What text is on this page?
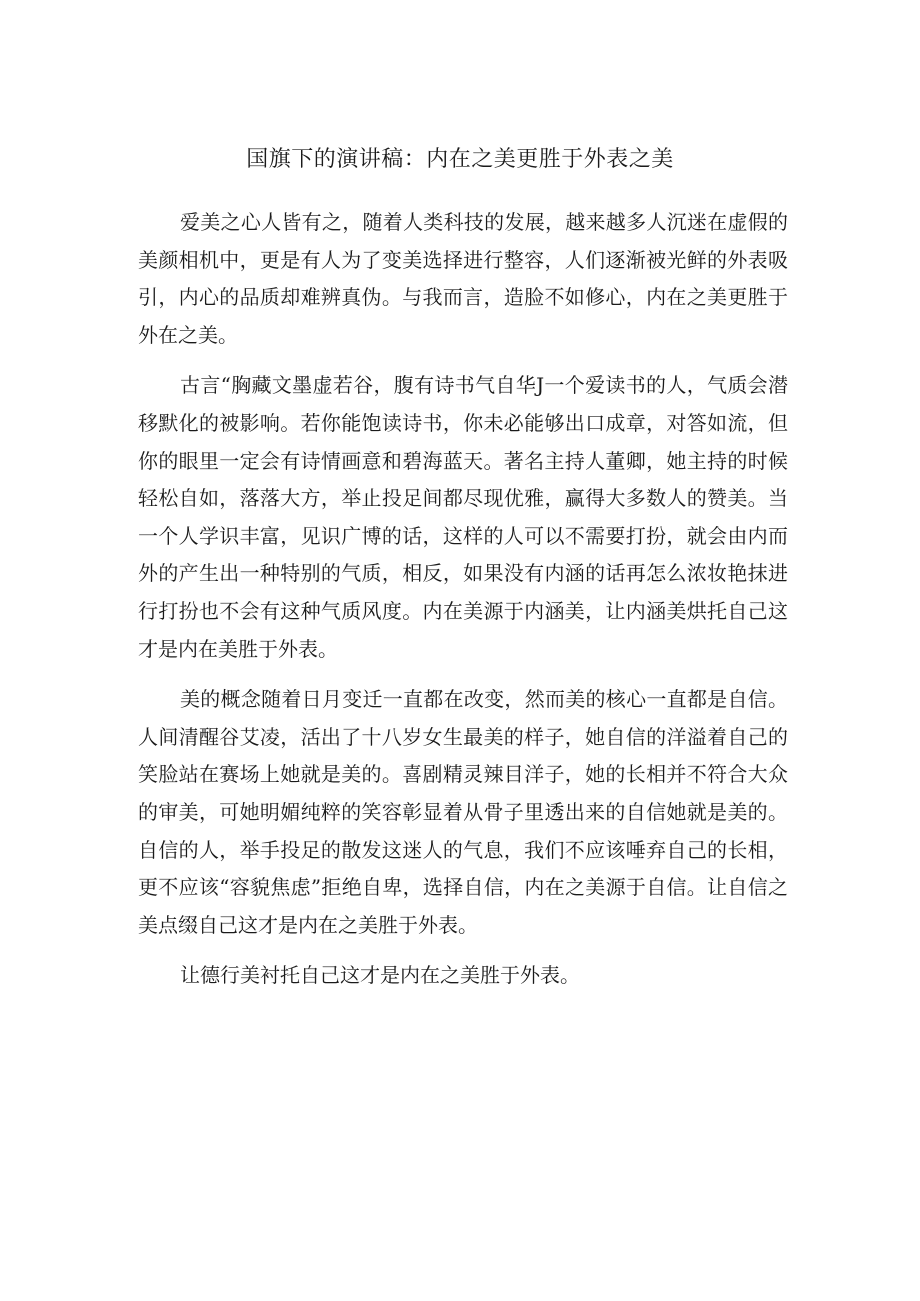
国旗下的演讲稿：内在之美更胜于外表之美

爱美之心人皆有之，随着人类科技的发展，越来越多人沉迷在虚假的美颜相机中，更是有人为了变美选择进行整容，人们逐渐被光鲜的外表吸引，内心的品质却难辨真伪。与我而言，造脸不如修心，内在之美更胜于外在之美。

古言“胸藏文墨虚若谷，腹有诗书气自华J一个爱读书的人，气质会潜移默化的被影响。若你能饱读诗书，你未必能够出口成章，对答如流，但你的眼里一定会有诗情画意和碧海蓝天。著名主持人董卿，她主持的时候轻松自如，落落大方，举止投足间都尽现优雅，赢得大多数人的赞美。当一个人学识丰富，见识广博的话，这样的人可以不需要打扮，就会由内而外的产生出一种特别的气质，相反，如果没有内涵的话再怎么浓妆艳抹进行打扮也不会有这种气质风度。内在美源于内涵美，让内涵美烘托自己这才是内在美胜于外表。

美的概念随着日月变迁一直都在改变，然而美的核心一直都是自信。人间清醒谷艾凌，活出了十八岁女生最美的样子，她自信的洋溢着自己的笑脸站在赛场上她就是美的。喜剧精灵辣目洋子，她的长相并不符合大众的审美，可她明媚纯粹的笑容彰显着从骨子里透出来的自信她就是美的。自信的人，举手投足的散发这迷人的气息，我们不应该唾弃自己的长相，更不应该“容貌焦虑”拒绝自卑，选择自信，内在之美源于自信。让自信之美点缀自己这才是内在之美胜于外表。

让德行美衬托自己这才是内在之美胜于外表。
